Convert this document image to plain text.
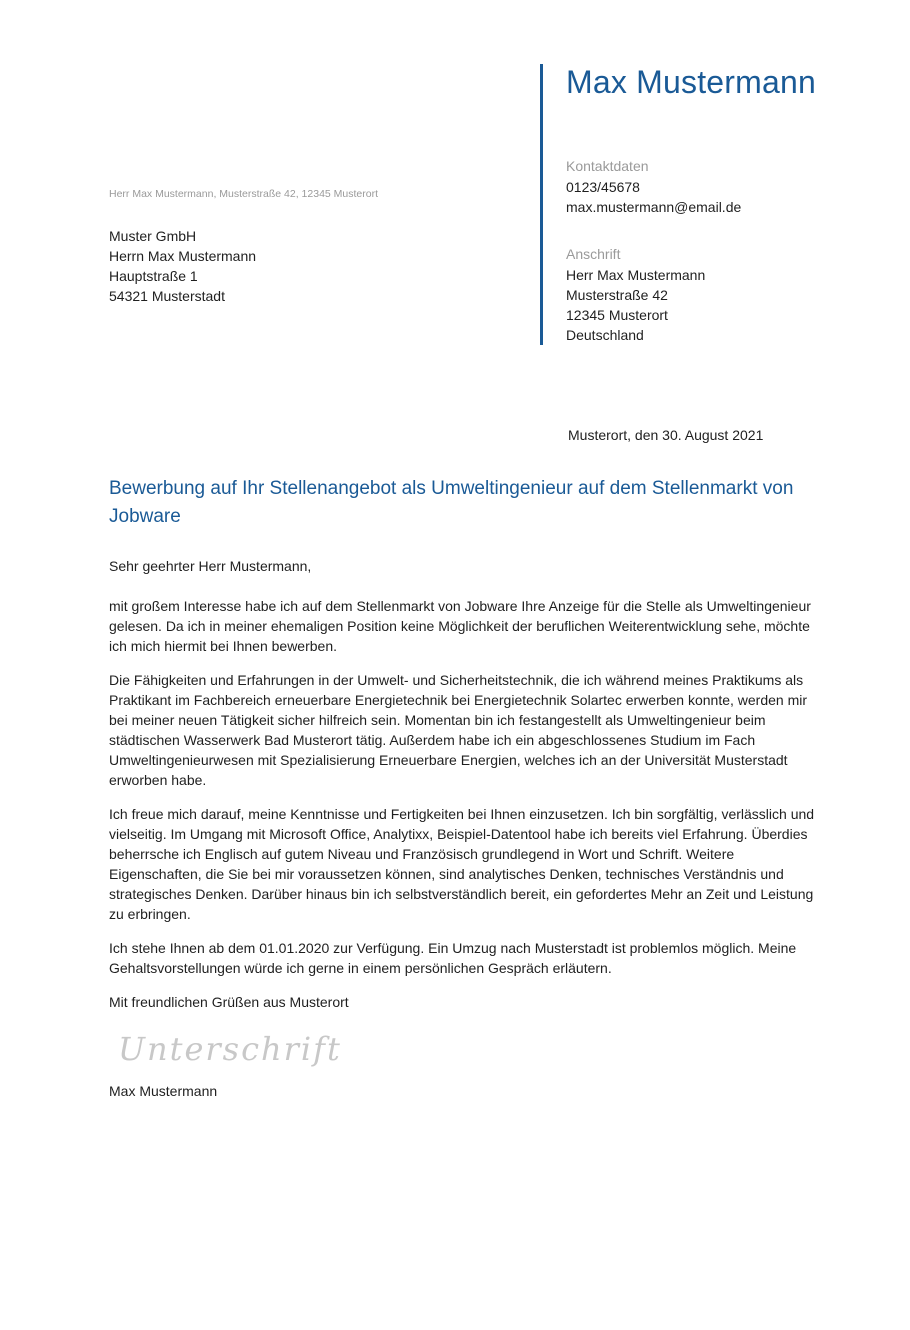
Max Mustermann
Kontaktdaten
0123/45678
max.mustermann@email.de
Anschrift
Herr Max Mustermann
Musterstraße 42
12345 Musterort
Deutschland
Herr Max Mustermann, Musterstraße 42, 12345 Musterort
Muster GmbH
Herrn Max Mustermann
Hauptstraße 1
54321 Musterstadt
Musterort, den 30. August 2021
Bewerbung auf Ihr Stellenangebot als Umweltingenieur auf dem Stellenmarkt von Jobware
Sehr geehrter Herr Mustermann,
mit großem Interesse habe ich auf dem Stellenmarkt von Jobware Ihre Anzeige für die Stelle als Umweltingenieur gelesen. Da ich in meiner ehemaligen Position keine Möglichkeit der beruflichen Weiterentwicklung sehe, möchte ich mich hiermit bei Ihnen bewerben.
Die Fähigkeiten und Erfahrungen in der Umwelt- und Sicherheitstechnik, die ich während meines Praktikums als Praktikant im Fachbereich erneuerbare Energietechnik bei Energietechnik Solartec erwerben konnte, werden mir bei meiner neuen Tätigkeit sicher hilfreich sein. Momentan bin ich festangestellt als Umweltingenieur beim städtischen Wasserwerk Bad Musterort tätig. Außerdem habe ich ein abgeschlossenes Studium im Fach Umweltingenieurwesen mit Spezialisierung Erneuerbare Energien, welches ich an der Universität Musterstadt erworben habe.
Ich freue mich darauf, meine Kenntnisse und Fertigkeiten bei Ihnen einzusetzen. Ich bin sorgfältig, verlässlich und vielseitig. Im Umgang mit Microsoft Office, Analytixx, Beispiel-Datentool habe ich bereits viel Erfahrung. Überdies beherrsche ich Englisch auf gutem Niveau und Französisch grundlegend in Wort und Schrift. Weitere Eigenschaften, die Sie bei mir voraussetzen können, sind analytisches Denken, technisches Verständnis und strategisches Denken. Darüber hinaus bin ich selbstverständlich bereit, ein gefordertes Mehr an Zeit und Leistung zu erbringen.
Ich stehe Ihnen ab dem 01.01.2020 zur Verfügung. Ein Umzug nach Musterstadt ist problemlos möglich. Meine Gehaltsvorstellungen würde ich gerne in einem persönlichen Gespräch erläutern.
Mit freundlichen Grüßen aus Musterort
Unterschrift
Max Mustermann
